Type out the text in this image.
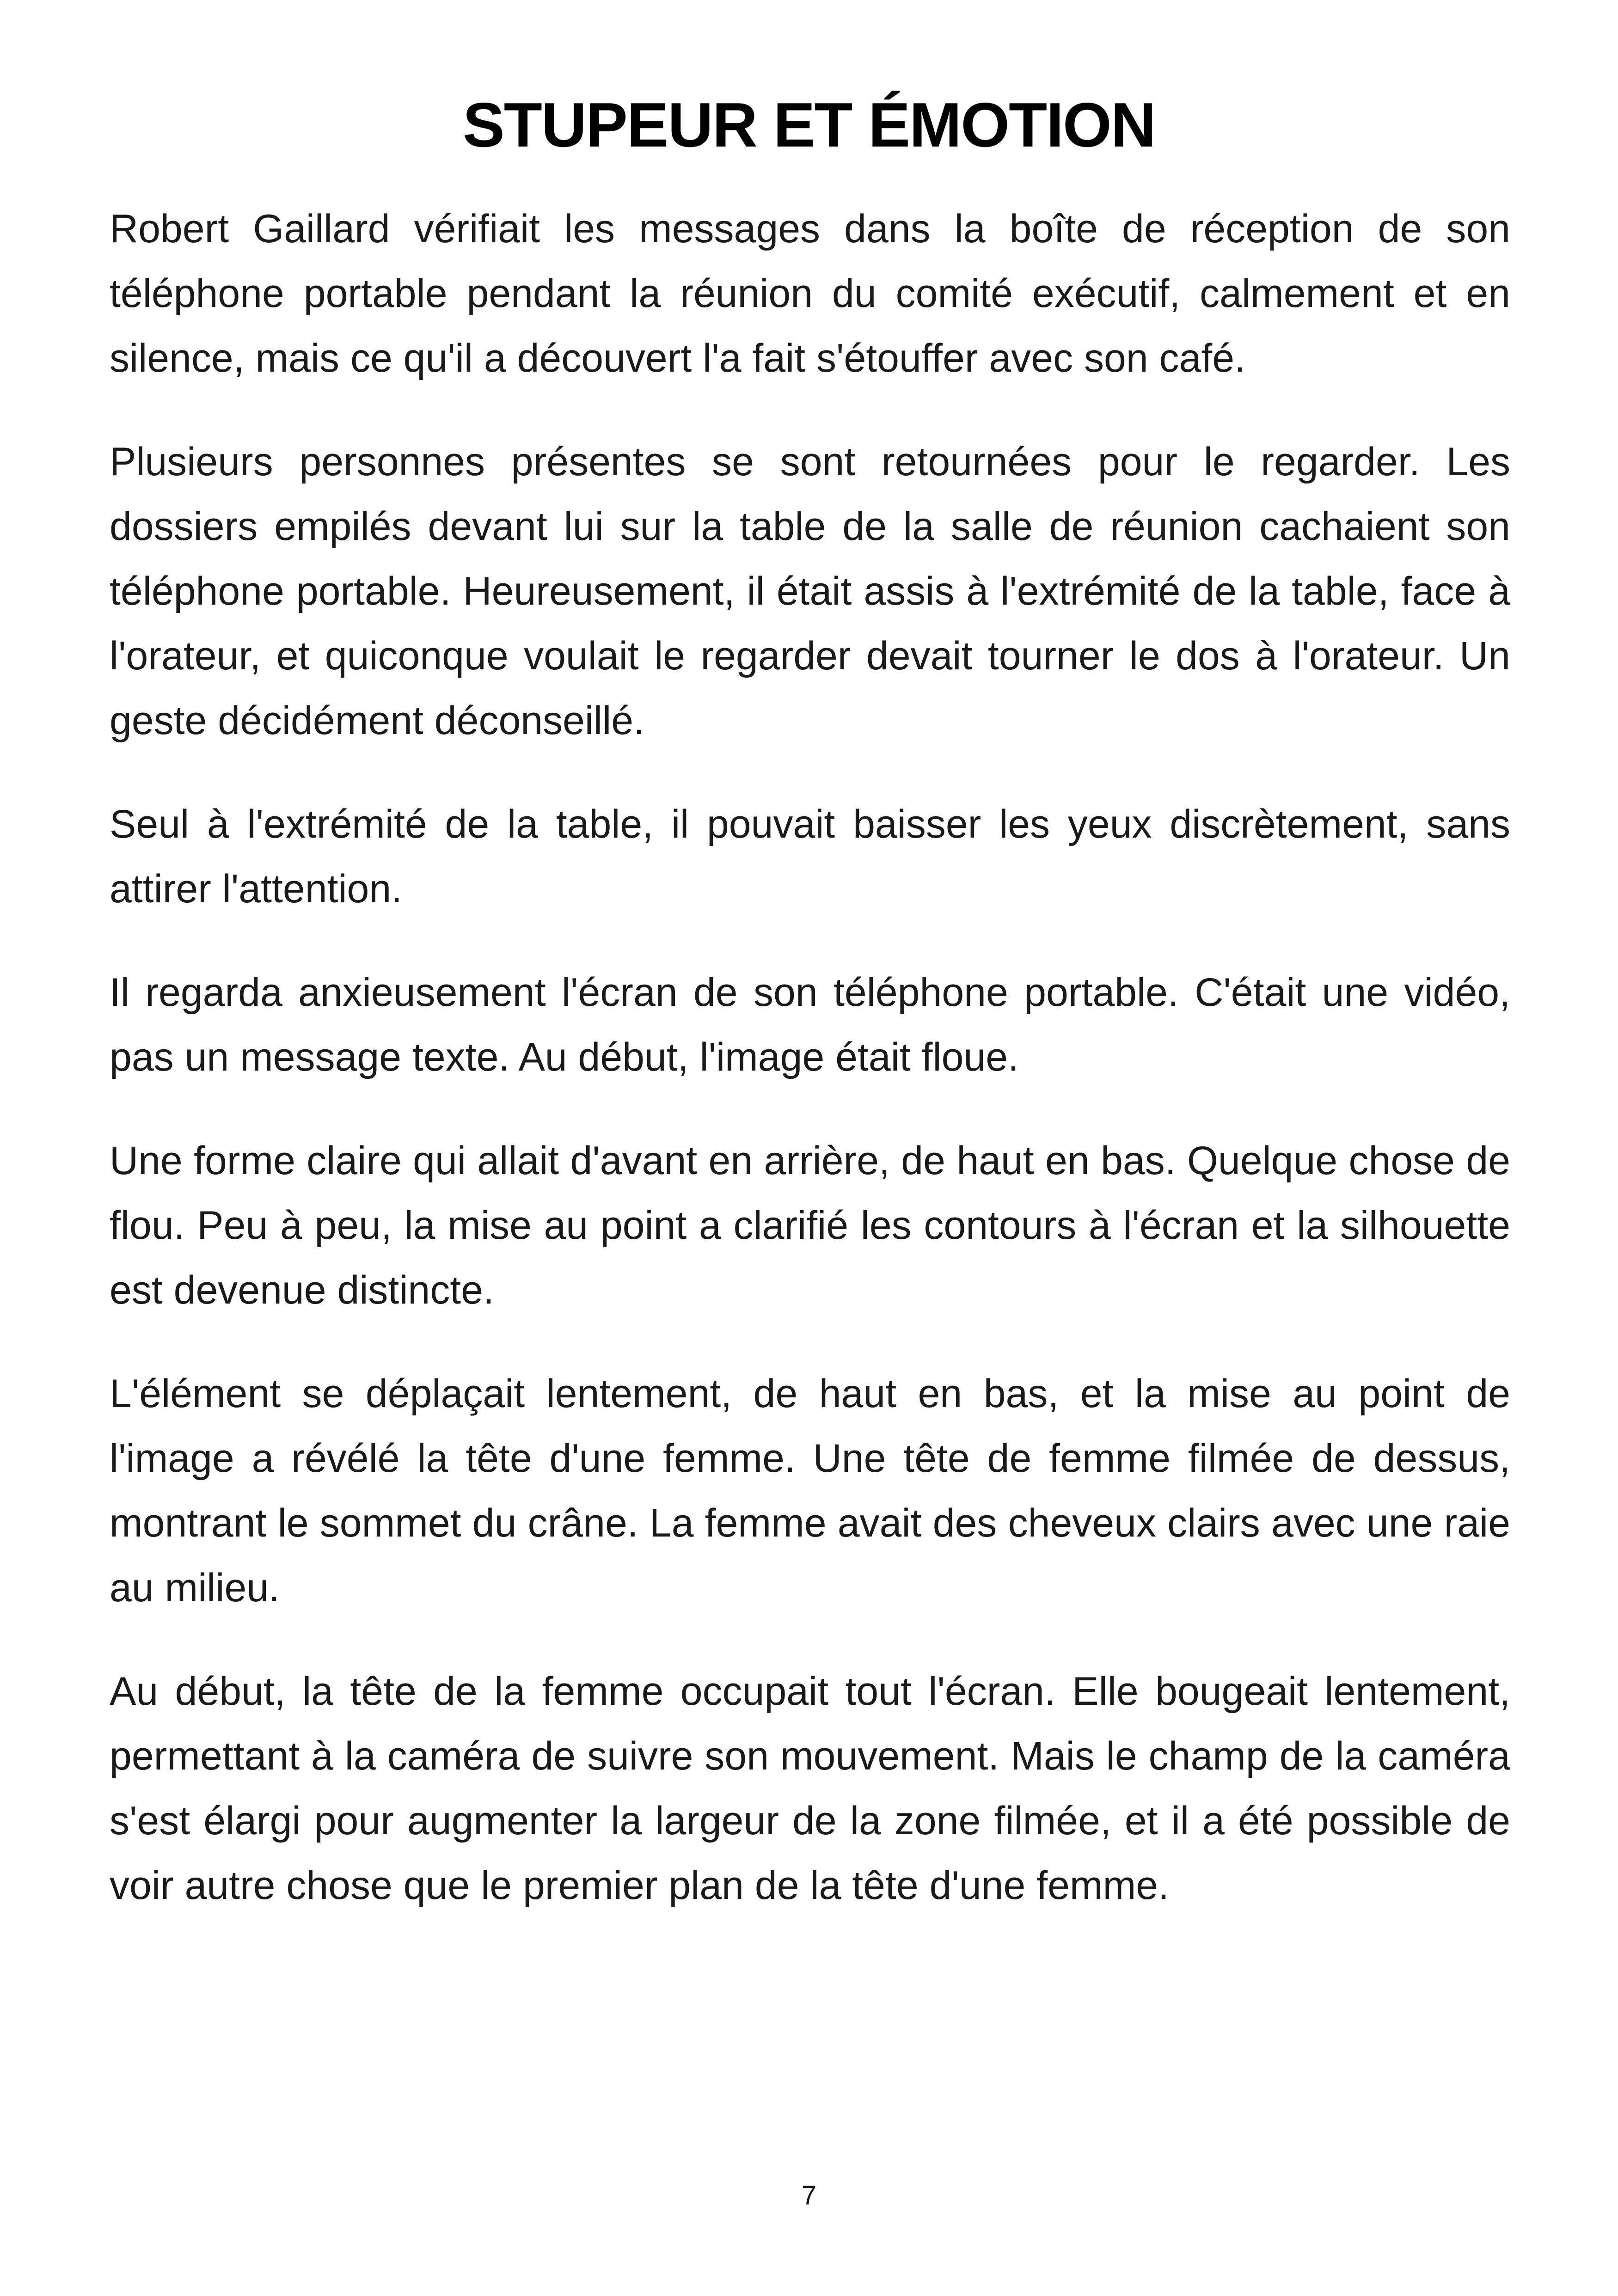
STUPEUR ET ÉMOTION

Robert Gaillard vérifiait les messages dans la boîte de réception de son téléphone portable pendant la réunion du comité exécutif, calmement et en silence, mais ce qu'il a découvert l'a fait s'étouffer avec son café.

Plusieurs personnes présentes se sont retournées pour le regarder. Les dossiers empilés devant lui sur la table de la salle de réunion cachaient son téléphone portable. Heureusement, il était assis à l'extrémité de la table, face à l'orateur, et quiconque voulait le regarder devait tourner le dos à l'orateur. Un geste décidément déconseillé.

Seul à l'extrémité de la table, il pouvait baisser les yeux discrètement, sans attirer l'attention.

Il regarda anxieusement l'écran de son téléphone portable. C'était une vidéo, pas un message texte. Au début, l'image était floue.

Une forme claire qui allait d'avant en arrière, de haut en bas. Quelque chose de flou. Peu à peu, la mise au point a clarifié les contours à l'écran et la silhouette est devenue distincte.

L'élément se déplaçait lentement, de haut en bas, et la mise au point de l'image a révélé la tête d'une femme. Une tête de femme filmée de dessus, montrant le sommet du crâne. La femme avait des cheveux clairs avec une raie au milieu.

Au début, la tête de la femme occupait tout l'écran. Elle bougeait lentement, permettant à la caméra de suivre son mouvement. Mais le champ de la caméra s'est élargi pour augmenter la largeur de la zone filmée, et il a été possible de voir autre chose que le premier plan de la tête d'une femme.

7
